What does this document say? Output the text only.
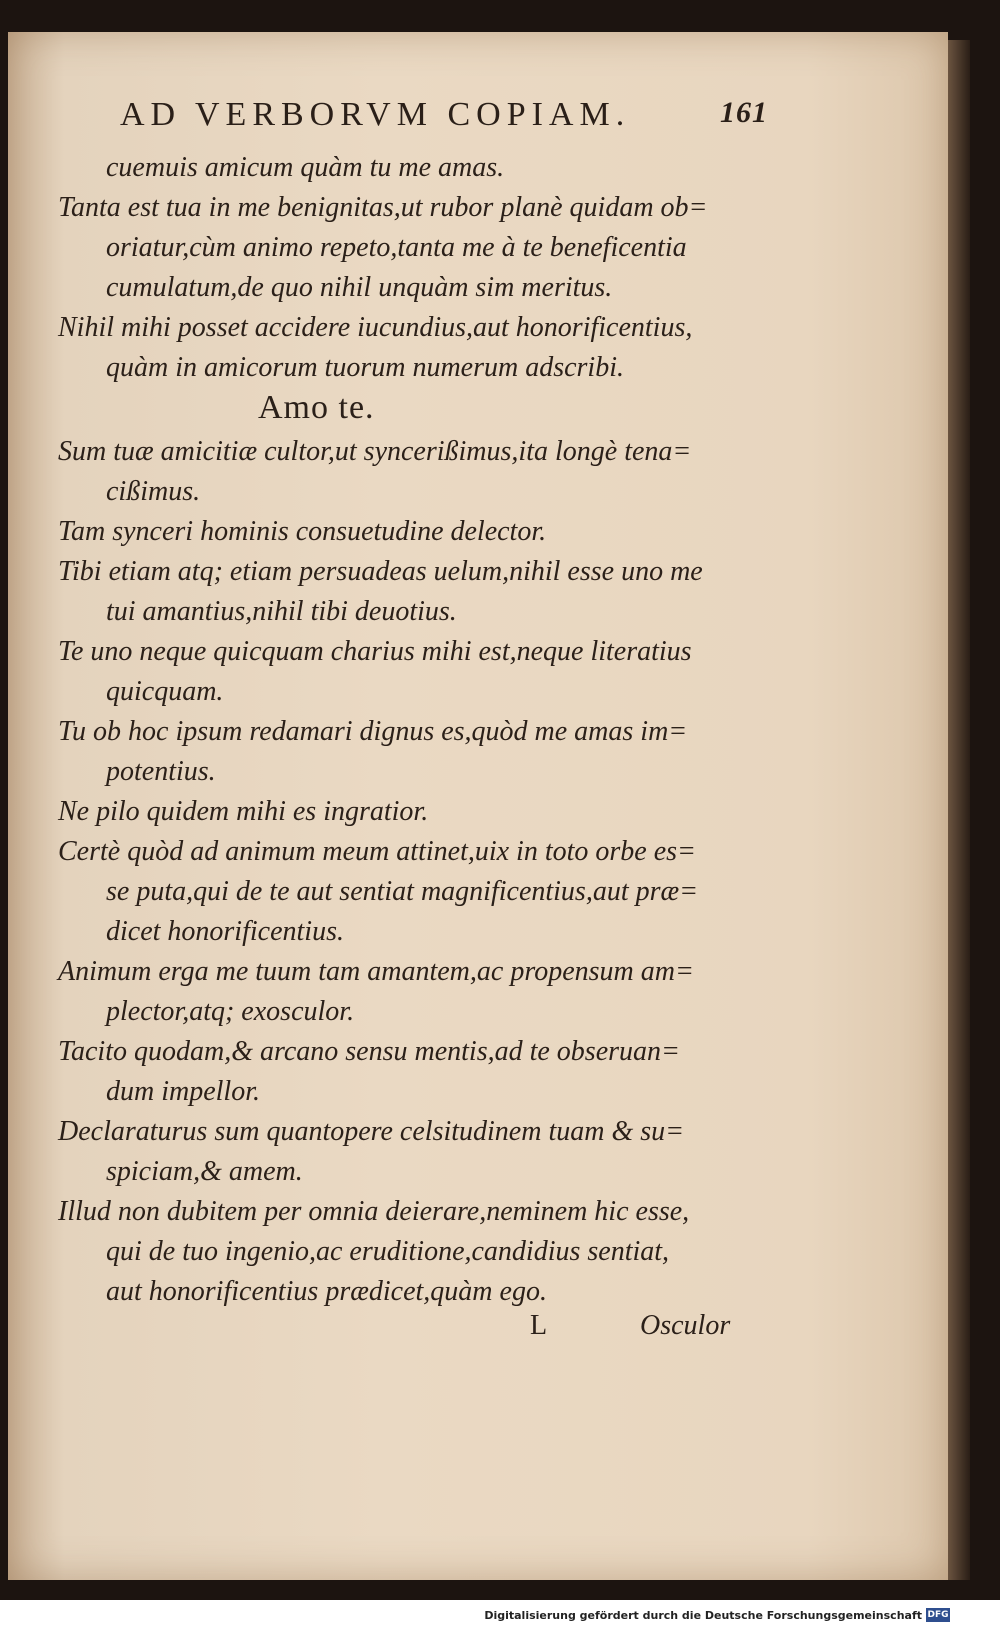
AD VERBORVM COPIAM.	161
cuemuis amicum quàm tu me amas.
Tanta est tua in me benignitas,ut rubor planè quidam ob=
oriatur,cùm animo repeto,tanta me à te beneficentia
cumulatum,de quo nihil unquàm sim meritus.
Nihil mihi posset accidere iucundius,aut honorificentius,
quàm in amicorum tuorum numerum adscribi.
Amo te.
Sum tuæ amicitiæ cultor,ut syncerißimus,ita longè tena=
cißimus.
Tam synceri hominis consuetudine delector.
Tibi etiam atq; etiam persuadeas uelum,nihil esse uno me
tui amantius,nihil tibi deuotius.
Te uno neque quicquam charius mihi est,neque literatius
quicquam.
Tu ob hoc ipsum redamari dignus es,quòd me amas im=
potentius.
Ne pilo quidem mihi es ingratior.
Certè quòd ad animum meum attinet,uix in toto orbe es=
se puta,qui de te aut sentiat magnificentius,aut præ=
dicet honorificentius.
Animum erga me tuum tam amantem,ac propensum am=
plector,atq; exosculor.
Tacito quodam,& arcano sensu mentis,ad te obseruan=
dum impellor.
Declaraturus sum quantopere celsitudinem tuam & su=
spiciam,& amem.
Illud non dubitem per omnia deierare,neminem hic esse,
qui de tuo ingenio,ac eruditione,candidius sentiat,
aut honorificentius prædicet,quàm ego.
L	Osculor
Digitalisierung gefördert durch die Deutsche Forschungsgemeinschaft DFG
